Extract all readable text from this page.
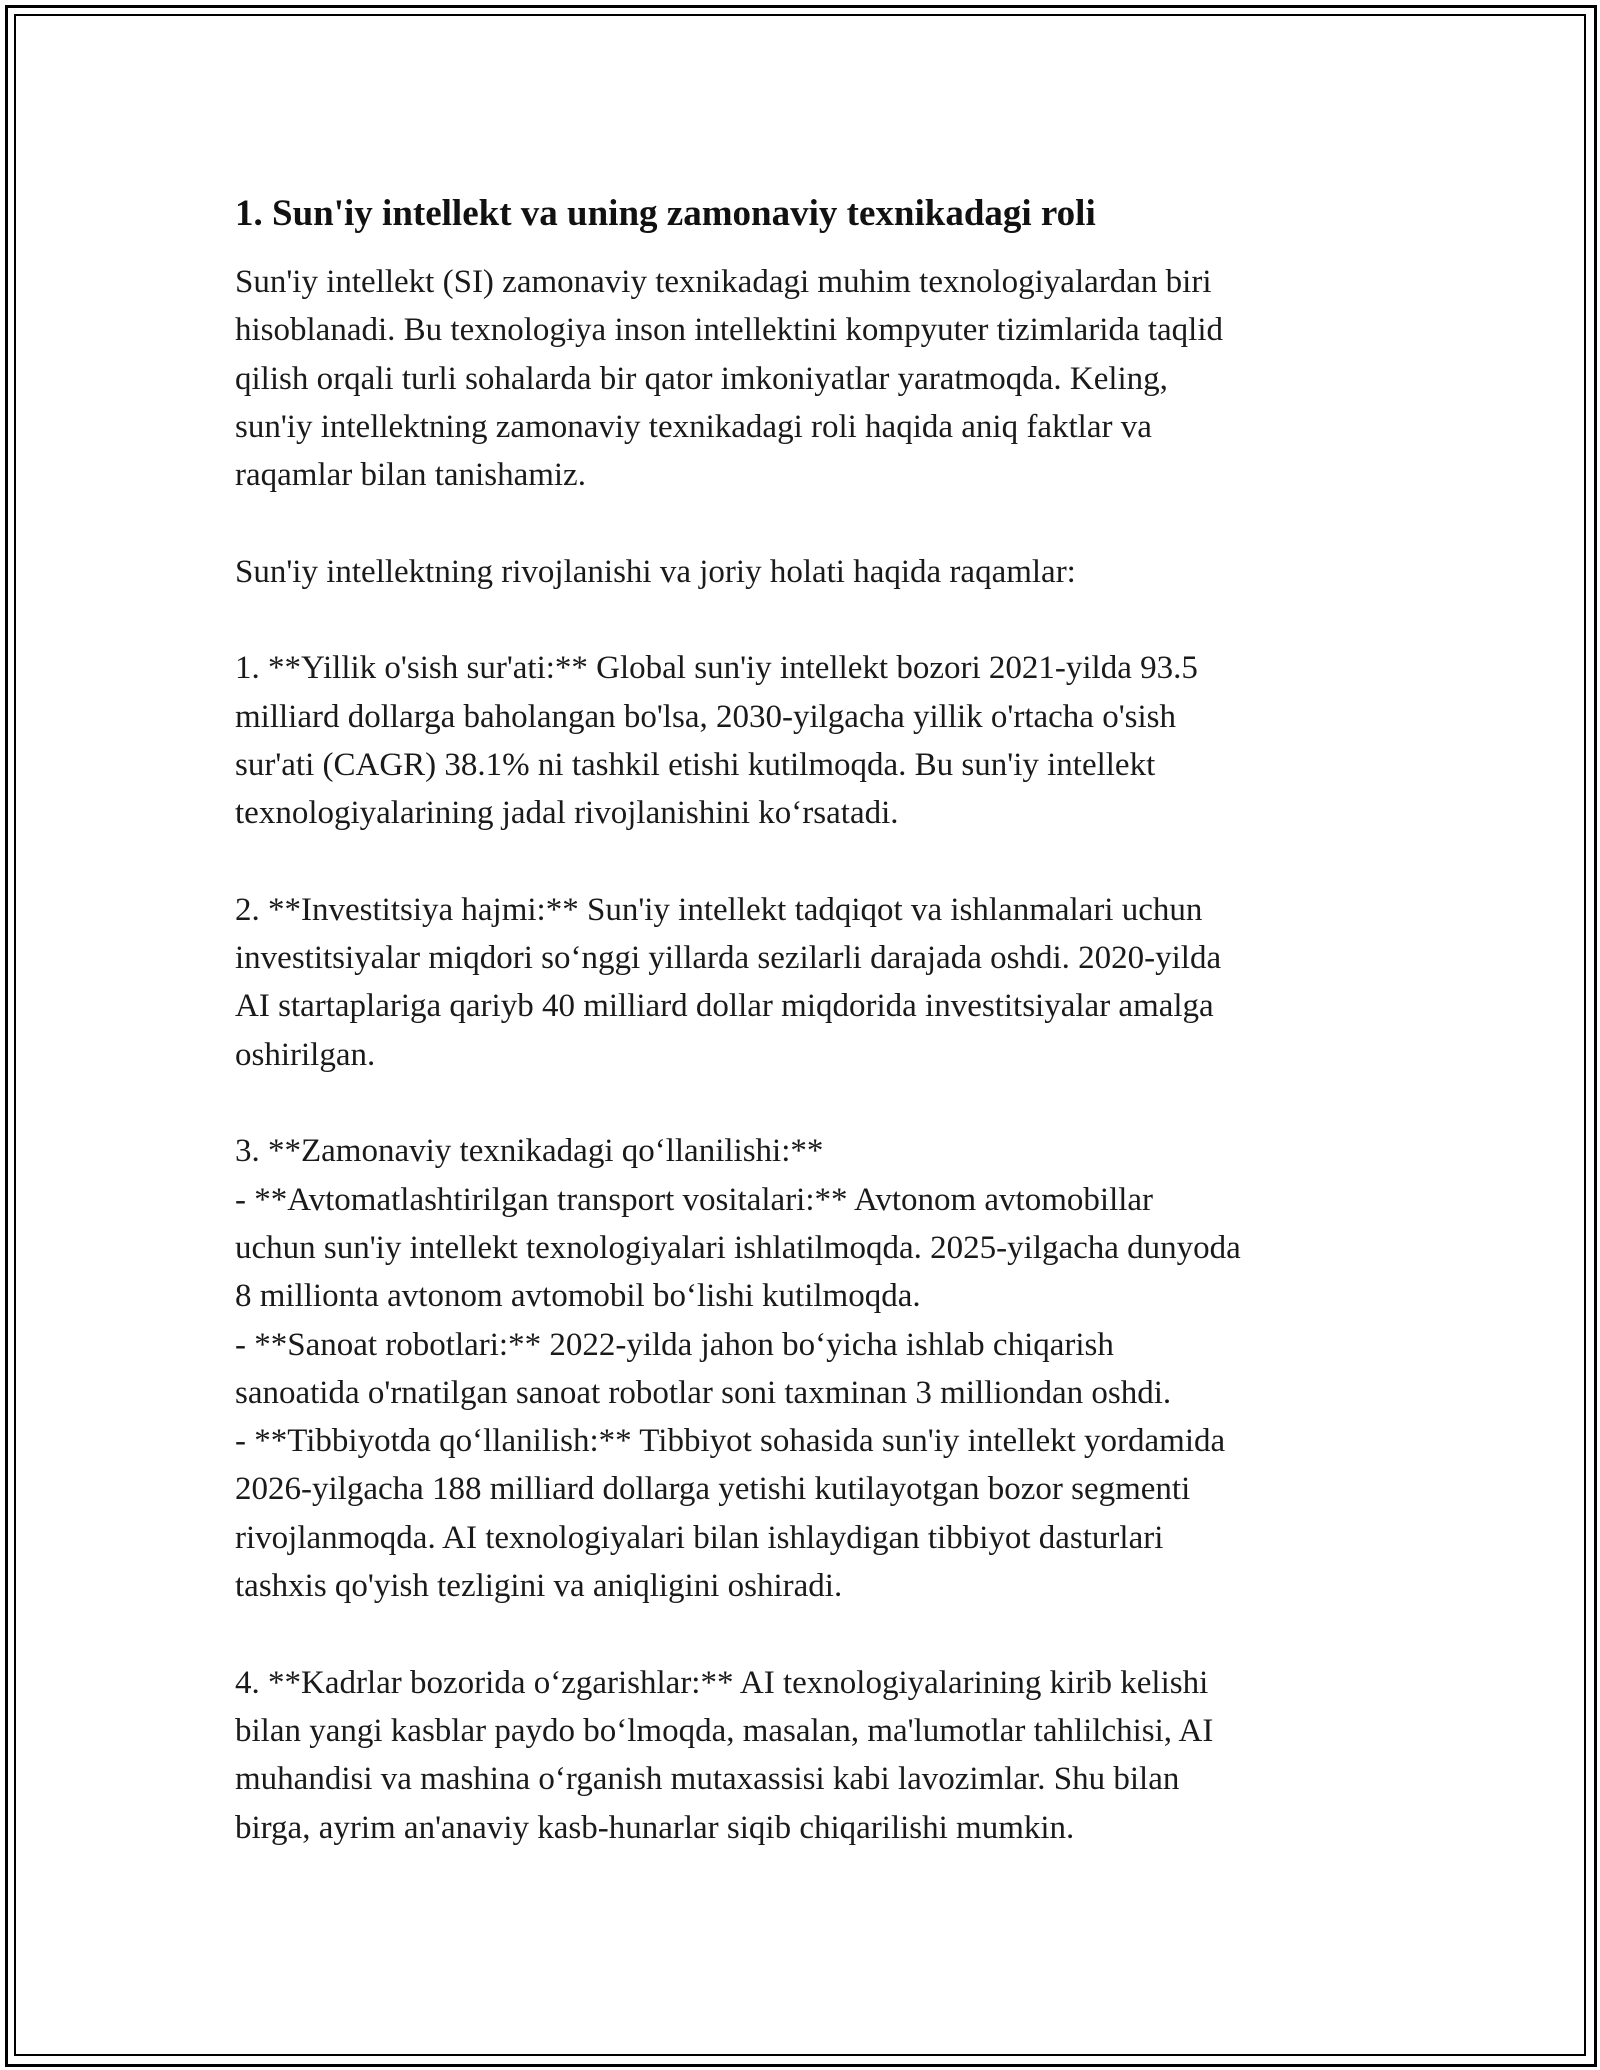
1. Sun'iy intellekt va uning zamonaviy texnikadagi roli

Sun'iy intellekt (SI) zamonaviy texnikadagi muhim texnologiyalardan biri
hisoblanadi. Bu texnologiya inson intellektini kompyuter tizimlarida taqlid
qilish orqali turli sohalarda bir qator imkoniyatlar yaratmoqda. Keling,
sun'iy intellektning zamonaviy texnikadagi roli haqida aniq faktlar va
raqamlar bilan tanishamiz.

Sun'iy intellektning rivojlanishi va joriy holati haqida raqamlar:

1. **Yillik o'sish sur'ati:** Global sun'iy intellekt bozori 2021-yilda 93.5
milliard dollarga baholangan bo'lsa, 2030-yilgacha yillik o'rtacha o'sish
sur'ati (CAGR) 38.1% ni tashkil etishi kutilmoqda. Bu sun'iy intellekt
texnologiyalarining jadal rivojlanishini ko‘rsatadi.

2. **Investitsiya hajmi:** Sun'iy intellekt tadqiqot va ishlanmalari uchun
investitsiyalar miqdori so‘nggi yillarda sezilarli darajada oshdi. 2020-yilda
AI startaplariga qariyb 40 milliard dollar miqdorida investitsiyalar amalga
oshirilgan.

3. **Zamonaviy texnikadagi qo‘llanilishi:**
- **Avtomatlashtirilgan transport vositalari:** Avtonom avtomobillar
uchun sun'iy intellekt texnologiyalari ishlatilmoqda. 2025-yilgacha dunyoda
8 millionta avtonom avtomobil bo‘lishi kutilmoqda.
- **Sanoat robotlari:** 2022-yilda jahon bo‘yicha ishlab chiqarish
sanoatida o'rnatilgan sanoat robotlar soni taxminan 3 milliondan oshdi.
- **Tibbiyotda qo‘llanilish:** Tibbiyot sohasida sun'iy intellekt yordamida
2026-yilgacha 188 milliard dollarga yetishi kutilayotgan bozor segmenti
rivojlanmoqda. AI texnologiyalari bilan ishlaydigan tibbiyot dasturlari
tashxis qo'yish tezligini va aniqligini oshiradi.

4. **Kadrlar bozorida o‘zgarishlar:** AI texnologiyalarining kirib kelishi
bilan yangi kasblar paydo bo‘lmoqda, masalan, ma'lumotlar tahlilchisi, AI
muhandisi va mashina o‘rganish mutaxassisi kabi lavozimlar. Shu bilan
birga, ayrim an'anaviy kasb-hunarlar siqib chiqarilishi mumkin.
